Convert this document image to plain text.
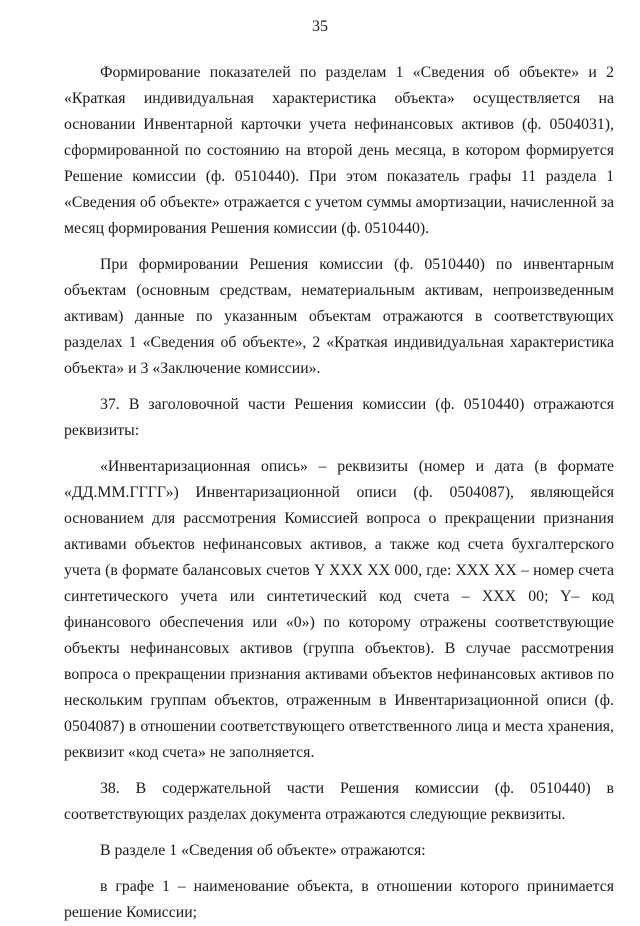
35

Формирование показателей по разделам 1 «Сведения об объекте» и 2 «Краткая индивидуальная характеристика объекта» осуществляется на основании Инвентарной карточки учета нефинансовых активов (ф. 0504031), сформированной по состоянию на второй день месяца, в котором формируется Решение комиссии (ф. 0510440). При этом показатель графы 11 раздела 1 «Сведения об объекте» отражается с учетом суммы амортизации, начисленной за месяц формирования Решения комиссии (ф. 0510440).

При формировании Решения комиссии (ф. 0510440) по инвентарным объектам (основным средствам, нематериальным активам, непроизведенным активам) данные по указанным объектам отражаются в соответствующих разделах 1 «Сведения об объекте», 2 «Краткая индивидуальная характеристика объекта» и 3 «Заключение комиссии».

37. В заголовочной части Решения комиссии (ф. 0510440) отражаются реквизиты:

«Инвентаризационная опись» – реквизиты (номер и дата (в формате «ДД.ММ.ГГГГ») Инвентаризационной описи (ф. 0504087), являющейся основанием для рассмотрения Комиссией вопроса о прекращении признания активами объектов нефинансовых активов, а также код счета бухгалтерского учета (в формате балансовых счетов Y XXX XX 000, где: XXX XX – номер счета синтетического учета или синтетический код счета – XXX 00; Y– код финансового обеспечения или «0») по которому отражены соответствующие объекты нефинансовых активов (группа объектов). В случае рассмотрения вопроса о прекращении признания активами объектов нефинансовых активов по нескольким группам объектов, отраженным в Инвентаризационной описи (ф. 0504087) в отношении соответствующего ответственного лица и места хранения, реквизит «код счета» не заполняется.

38. В содержательной части Решения комиссии (ф. 0510440) в соответствующих разделах документа отражаются следующие реквизиты.

В разделе 1 «Сведения об объекте» отражаются:

в графе 1 – наименование объекта, в отношении которого принимается решение Комиссии;
